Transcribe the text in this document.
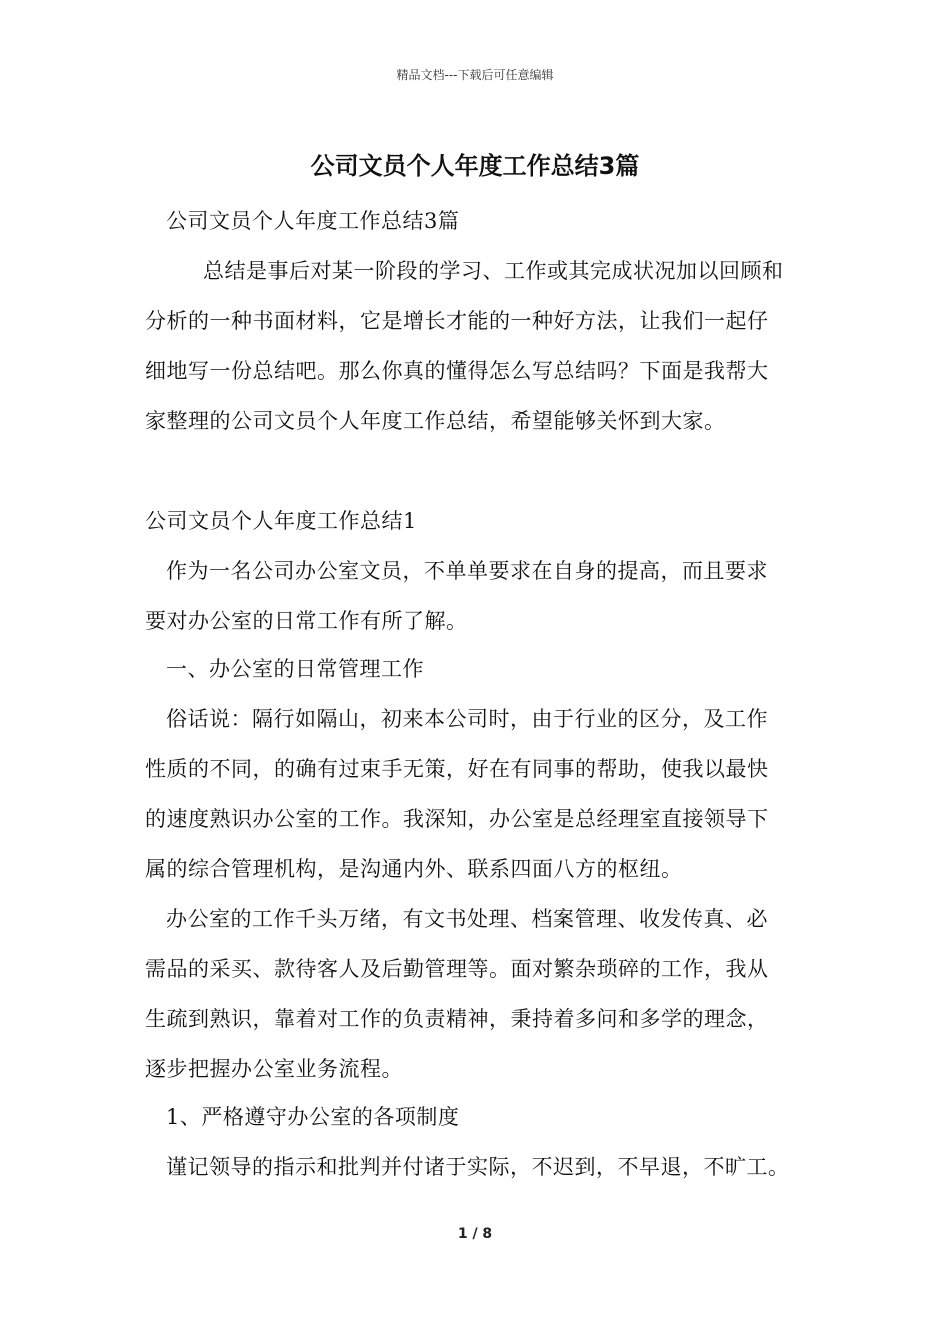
精品文档---下载后可任意编辑
公司文员个人年度工作总结3篇
公司文员个人年度工作总结3篇
总结是事后对某一阶段的学习、工作或其完成状况加以回顾和
分析的一种书面材料，它是增长才能的一种好方法，让我们一起仔
细地写一份总结吧。那么你真的懂得怎么写总结吗？下面是我帮大
家整理的公司文员个人年度工作总结，希望能够关怀到大家。
公司文员个人年度工作总结1
作为一名公司办公室文员，不单单要求在自身的提高，而且要求
要对办公室的日常工作有所了解。
一、办公室的日常管理工作
俗话说：隔行如隔山，初来本公司时，由于行业的区分，及工作
性质的不同，的确有过束手无策，好在有同事的帮助，使我以最快
的速度熟识办公室的工作。我深知，办公室是总经理室直接领导下
属的综合管理机构，是沟通内外、联系四面八方的枢纽。
办公室的工作千头万绪，有文书处理、档案管理、收发传真、必
需品的采买、款待客人及后勤管理等。面对繁杂琐碎的工作，我从
生疏到熟识，靠着对工作的负责精神，秉持着多问和多学的理念，
逐步把握办公室业务流程。
1、严格遵守办公室的各项制度
谨记领导的指示和批判并付诸于实际，不迟到，不早退，不旷工。
1 / 8
